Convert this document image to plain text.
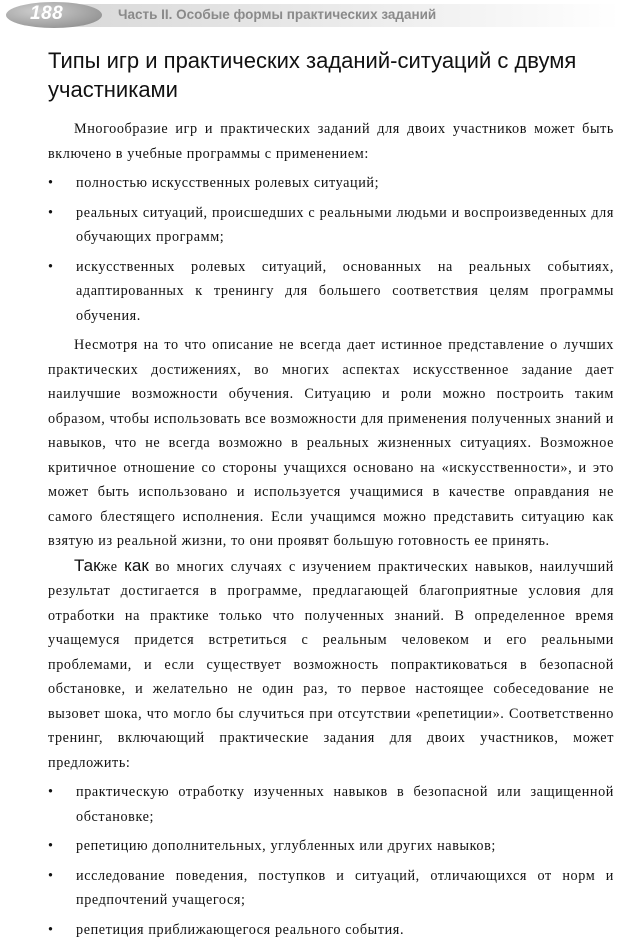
188	Часть II. Особые формы практических заданий
Типы игр и практических заданий-ситуаций с двумя участниками

Многообразие игр и практических заданий для двоих участников может быть включено в учебные программы с применением:

•	полностью искусственных ролевых ситуаций;
•	реальных ситуаций, происшедших с реальными людьми и воспроизведенных для обучающих программ;
•	искусственных ролевых ситуаций, основанных на реальных событиях, адаптированных к тренингу для большего соответствия целям программы обучения.

Несмотря на то что описание не всегда дает истинное представление о лучших практических достижениях, во многих аспектах искусственное задание дает наилучшие возможности обучения. Ситуацию и роли можно построить таким образом, чтобы использовать все возможности для применения полученных знаний и навыков, что не всегда возможно в реальных жизненных ситуациях. Возможное критичное отношение со стороны учащихся основано на «искусственности», и это может быть использовано и используется учащимися в качестве оправдания не самого блестящего исполнения. Если учащимся можно представить ситуацию как взятую из реальной жизни, то они проявят большую готовность ее принять.

Также как во многих случаях с изучением практических навыков, наилучший результат достигается в программе, предлагающей благоприятные условия для отработки на практике только что полученных знаний. В определенное время учащемуся придется встретиться с реальным человеком и его реальными проблемами, и если существует возможность попрактиковаться в безопасной обстановке, и желательно не один раз, то первое настоящее собеседование не вызовет шока, что могло бы случиться при отсутствии «репетиции». Соответственно тренинг, включающий практические задания для двоих участников, может предложить:

•	практическую отработку изученных навыков в безопасной или защищенной обстановке;
•	репетицию дополнительных, углубленных или других навыков;
•	исследование поведения, поступков и ситуаций, отличающихся от норм и предпочтений учащегося;
•	репетиция приближающегося реального события.
